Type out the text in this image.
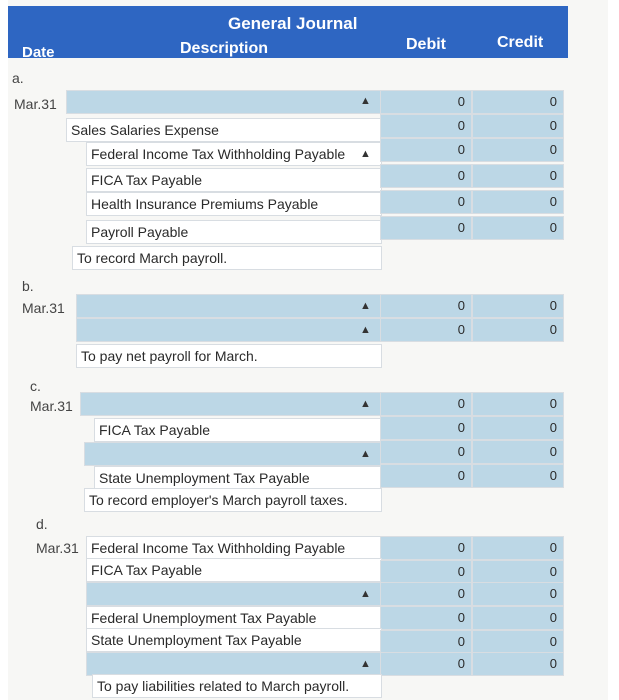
General Journal
Date	Description	Debit	Credit
a.
Mar.31	▲	0	0
Sales Salaries Expense	0	0
Federal Income Tax Withholding Payable	▲	0	0
FICA Tax Payable	0	0
Health Insurance Premiums Payable	0	0
Payroll Payable	0	0
To record March payroll.
b.
Mar.31	▲	0	0
▲	0	0
To pay net payroll for March.
c.
Mar.31	▲	0	0
FICA Tax Payable	0	0
▲	0	0
State Unemployment Tax Payable	0	0
To record employer's March payroll taxes.
d.
Mar.31 Federal Income Tax Withholding Payable	0	0
FICA Tax Payable	0	0
▲	0	0
Federal Unemployment Tax Payable	0	0
State Unemployment Tax Payable	0	0
▲	0	0
To pay liabilities related to March payroll.
